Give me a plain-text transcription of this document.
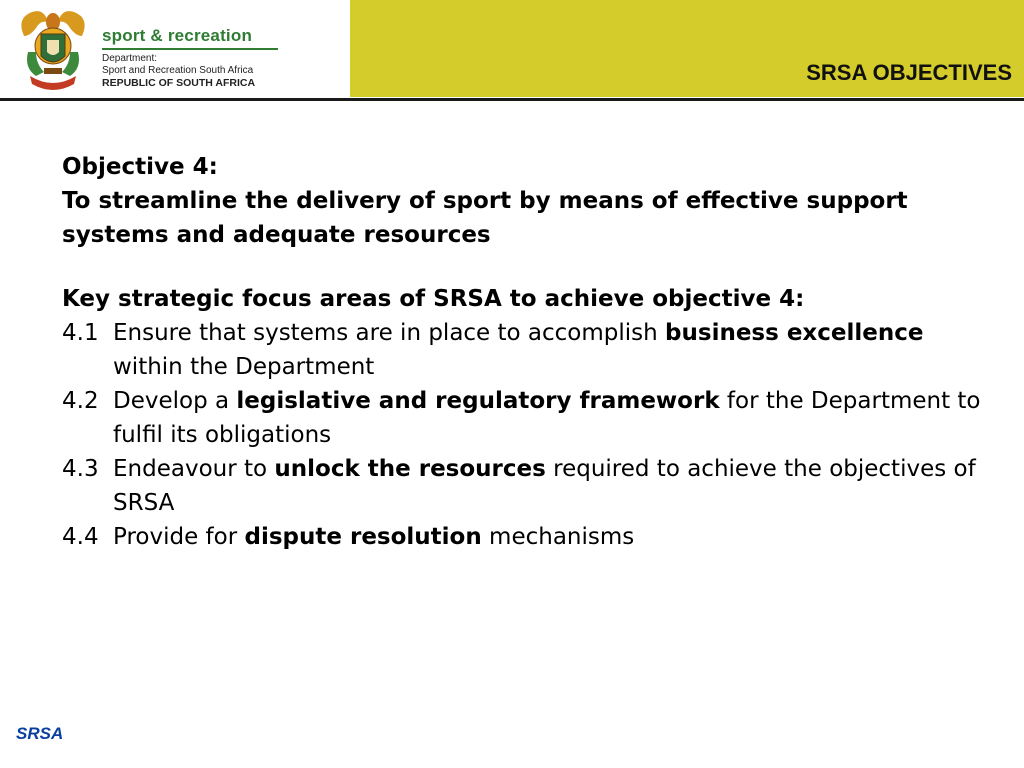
sport & recreation
Department:
Sport and Recreation South Africa
REPUBLIC OF SOUTH AFRICA	SRSA OBJECTIVES
Objective 4:
To streamline the delivery of sport by means of effective support systems and adequate resources
Key strategic focus areas of SRSA to achieve objective 4:
4.1 Ensure that systems are in place to accomplish business excellence within the Department
4.2 Develop a legislative and regulatory framework for the Department to fulfil its obligations
4.3 Endeavour to unlock the resources required to achieve the objectives of SRSA
4.4 Provide for dispute resolution mechanisms
SRSA
